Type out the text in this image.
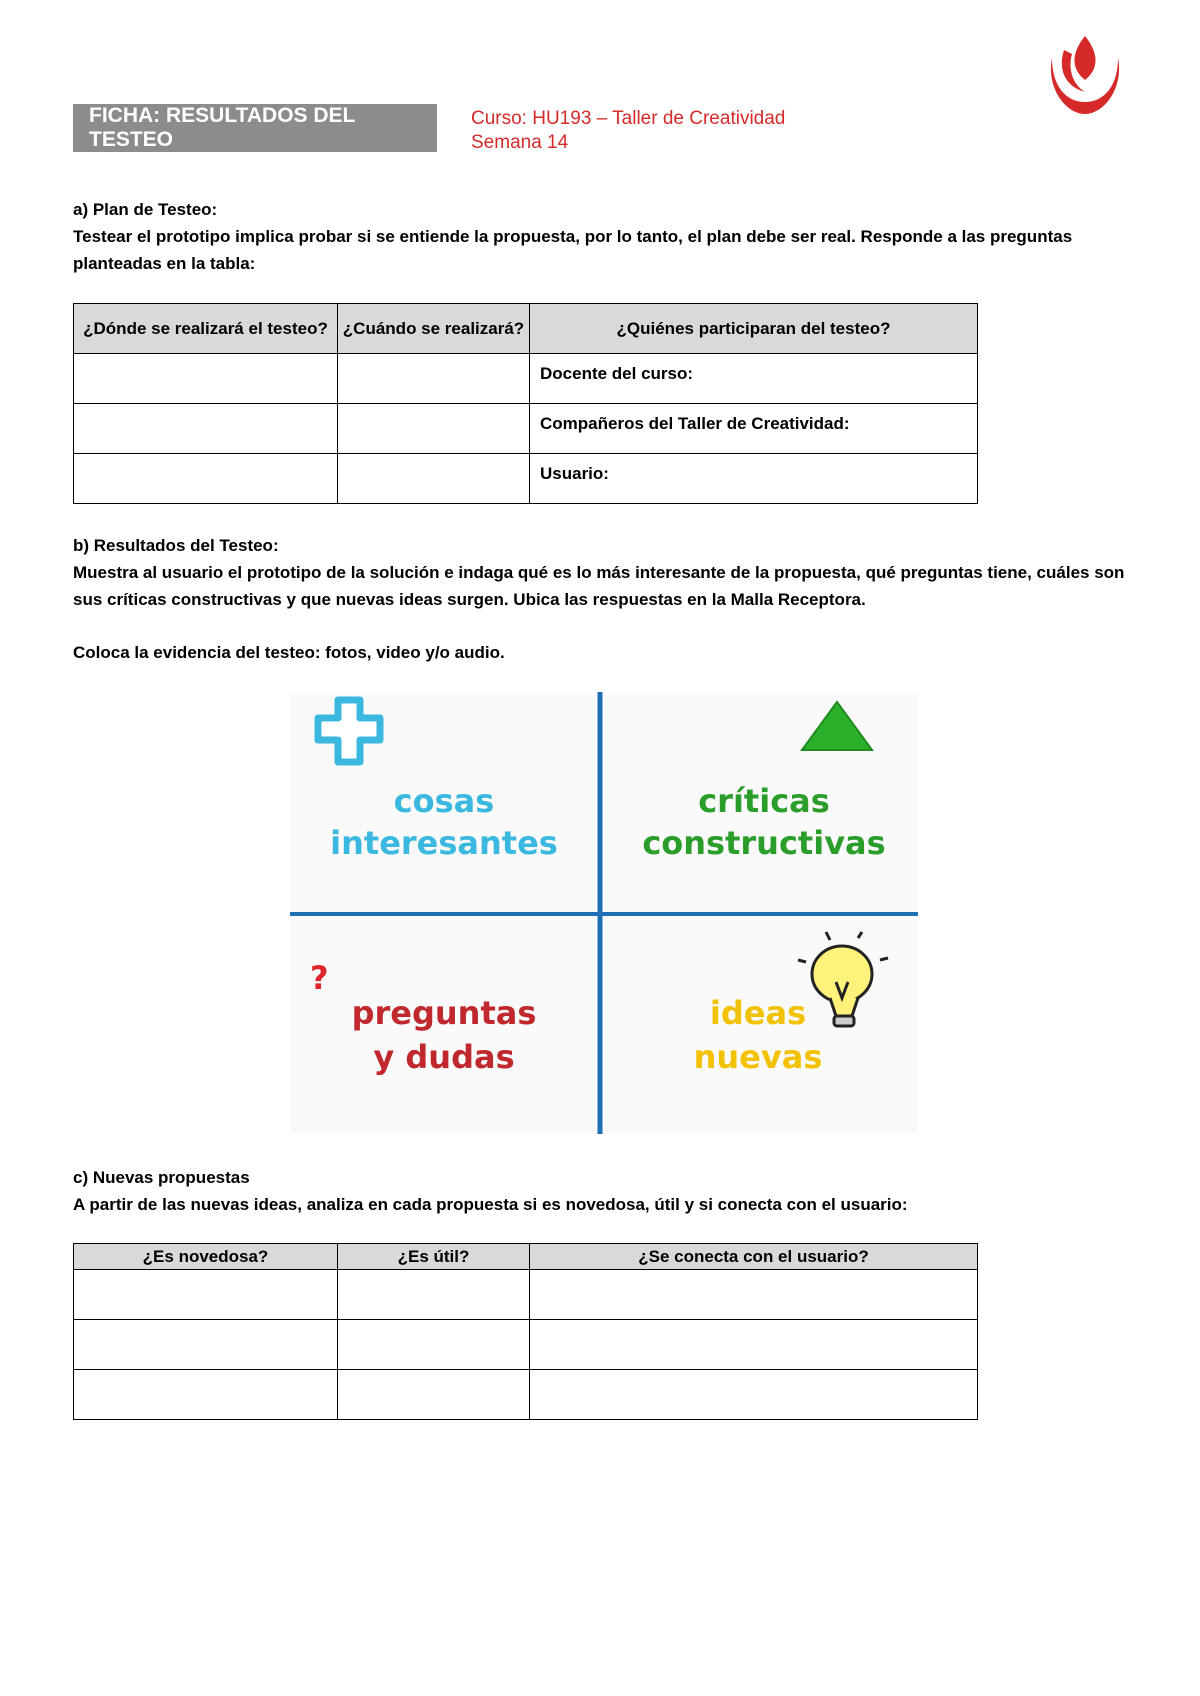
FICHA: RESULTADOS DEL TESTEO
Curso: HU193 – Taller de Creatividad
Semana 14
a) Plan de Testeo:
Testear el prototipo implica probar si se entiende la propuesta, por lo tanto, el plan debe ser real. Responde a las preguntas planteadas en la tabla:
¿Dónde se realizará el testeo?	¿Cuándo se realizará?	¿Quiénes participaran del testeo?
		Docente del curso:
		Compañeros del Taller de Creatividad:
		Usuario:
b) Resultados del Testeo:
Muestra al usuario el prototipo de la solución e indaga qué es lo más interesante de la propuesta, qué preguntas tiene, cuáles son sus críticas constructivas y que nuevas ideas surgen. Ubica las respuestas en la Malla Receptora.
Coloca la evidencia del testeo: fotos, video y/o audio.
?
cosas
interesantes
críticas
constructivas
preguntas
y dudas
ideas
nuevas
c) Nuevas propuestas
A partir de las nuevas ideas, analiza en cada propuesta si es novedosa, útil y si conecta con el usuario:
¿Es novedosa?	¿Es útil?	¿Se conecta con el usuario?
